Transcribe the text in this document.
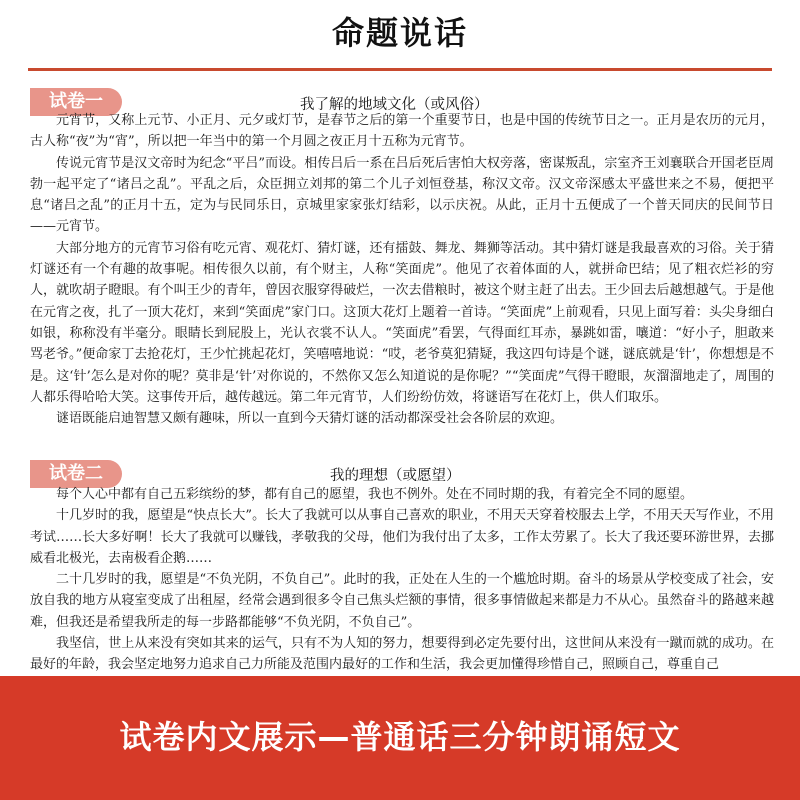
命题说话
试卷一	我了解的地域文化（或风俗）

元宵节，又称上元节、小正月、元夕或灯节，是春节之后的第一个重要节日，也是中国的传统节日之一。正月是农历的元月，古人称“夜”为“宵”，所以把一年当中的第一个月圆之夜正月十五称为元宵节。

传说元宵节是汉文帝时为纪念“平吕”而设。相传吕后一系在吕后死后害怕大权旁落，密谋叛乱，宗室齐王刘襄联合开国老臣周勃一起平定了“诸吕之乱”。平乱之后，众臣拥立刘邦的第二个儿子刘恒登基，称汉文帝。汉文帝深感太平盛世来之不易，便把平息“诸吕之乱”的正月十五，定为与民同乐日，京城里家家张灯结彩，以示庆祝。从此，正月十五便成了一个普天同庆的民间节日——元宵节。

大部分地方的元宵节习俗有吃元宵、观花灯、猜灯谜，还有擂鼓、舞龙、舞狮等活动。其中猜灯谜是我最喜欢的习俗。关于猜灯谜还有一个有趣的故事呢。相传很久以前，有个财主，人称“笑面虎”。他见了衣着体面的人，就拼命巴结；见了粗衣烂衫的穷人，就吹胡子瞪眼。有个叫王少的青年，曾因衣服穿得破烂，一次去借粮时，被这个财主赶了出去。王少回去后越想越气。于是他在元宵之夜，扎了一顶大花灯，来到“笑面虎”家门口。这顶大花灯上题着一首诗。“笑面虎”上前观看，只见上面写着：头尖身细白如银，称称没有半毫分。眼睛长到屁股上，光认衣裳不认人。“笑面虎”看罢，气得面红耳赤，暴跳如雷，嚷道：“好小子，胆敢来骂老爷。”便命家丁去抢花灯，王少忙挑起花灯，笑嘻嘻地说：“哎，老爷莫犯猜疑，我这四句诗是个谜，谜底就是‘针’，你想想是不是。这‘针’怎么是对你的呢？莫非是‘针’对你说的，不然你又怎么知道说的是你呢？”“笑面虎”气得干瞪眼，灰溜溜地走了，周围的人都乐得哈哈大笑。这事传开后，越传越远。第二年元宵节，人们纷纷仿效，将谜语写在花灯上，供人们取乐。

谜语既能启迪智慧又颇有趣味，所以一直到今天猜灯谜的活动都深受社会各阶层的欢迎。

试卷二	我的理想（或愿望）

每个人心中都有自己五彩缤纷的梦，都有自己的愿望，我也不例外。处在不同时期的我，有着完全不同的愿望。

十几岁时的我，愿望是“快点长大”。长大了我就可以从事自己喜欢的职业，不用天天穿着校服去上学，不用天天写作业，不用考试……长大多好啊！长大了我就可以赚钱，孝敬我的父母，他们为我付出了太多，工作太劳累了。长大了我还要环游世界，去挪威看北极光，去南极看企鹅……

二十几岁时的我，愿望是“不负光阴，不负自己”。此时的我，正处在人生的一个尴尬时期。奋斗的场景从学校变成了社会，安放自我的地方从寝室变成了出租屋，经常会遇到很多令自己焦头烂额的事情，很多事情做起来都是力不从心。虽然奋斗的路越来越难，但我还是希望我所走的每一步路都能够“不负光阴，不负自己”。

我坚信，世上从来没有突如其来的运气，只有不为人知的努力，想要得到必定先要付出，这世间从来没有一蹴而就的成功。在最好的年龄，我会坚定地努力追求自己力所能及范围内最好的工作和生活，我会更加懂得珍惜自己，照顾自己，尊重自己

试卷内文展示—普通话三分钟朗诵短文
